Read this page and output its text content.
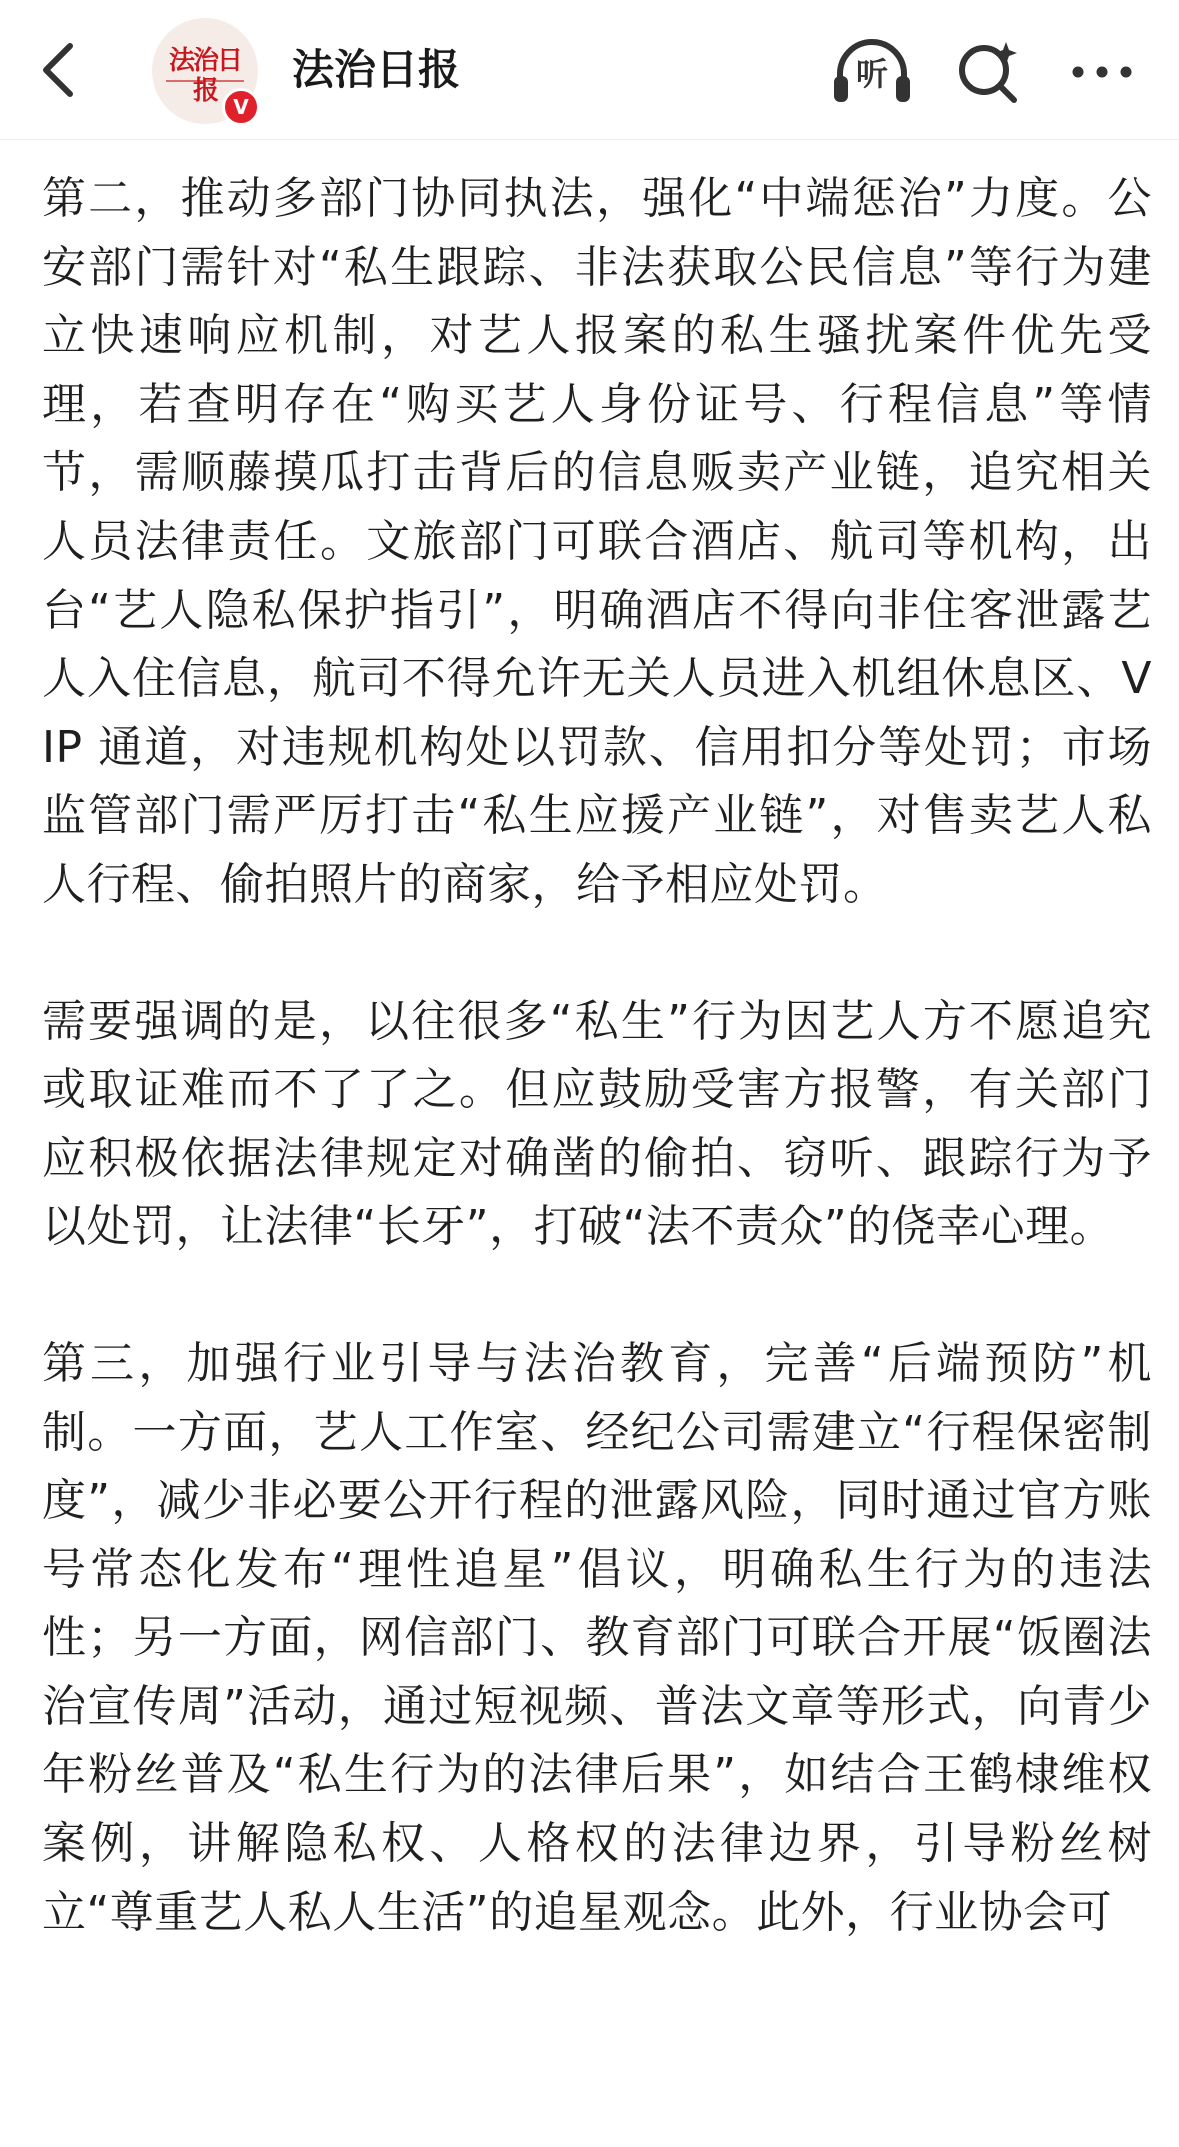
法治日报
V
法治日报	听

第二，推动多部门协同执法，强化“中端惩治”力度。公安部门需针对“私生跟踪、非法获取公民信息”等行为建立快速响应机制，对艺人报案的私生骚扰案件优先受理，若查明存在“购买艺人身份证号、行程信息”等情节，需顺藤摸瓜打击背后的信息贩卖产业链，追究相关人员法律责任。文旅部门可联合酒店、航司等机构，出台“艺人隐私保护指引”，明确酒店不得向非住客泄露艺人入住信息，航司不得允许无关人员进入机组休息区、VIP 通道，对违规机构处以罚款、信用扣分等处罚；市场监管部门需严厉打击“私生应援产业链”，对售卖艺人私人行程、偷拍照片的商家，给予相应处罚。

需要强调的是，以往很多“私生”行为因艺人方不愿追究或取证难而不了了之。但应鼓励受害方报警，有关部门应积极依据法律规定对确凿的偷拍、窃听、跟踪行为予以处罚，让法律“长牙”，打破“法不责众”的侥幸心理。

第三，加强行业引导与法治教育，完善“后端预防”机制。一方面，艺人工作室、经纪公司需建立“行程保密制度”，减少非必要公开行程的泄露风险，同时通过官方账号常态化发布“理性追星”倡议，明确私生行为的违法性；另一方面，网信部门、教育部门可联合开展“饭圈法治宣传周”活动，通过短视频、普法文章等形式，向青少年粉丝普及“私生行为的法律后果”，如结合王鹤棣维权案例，讲解隐私权、人格权的法律边界，引导粉丝树立“尊重艺人私人生活”的追星观念。此外，行业协会可
